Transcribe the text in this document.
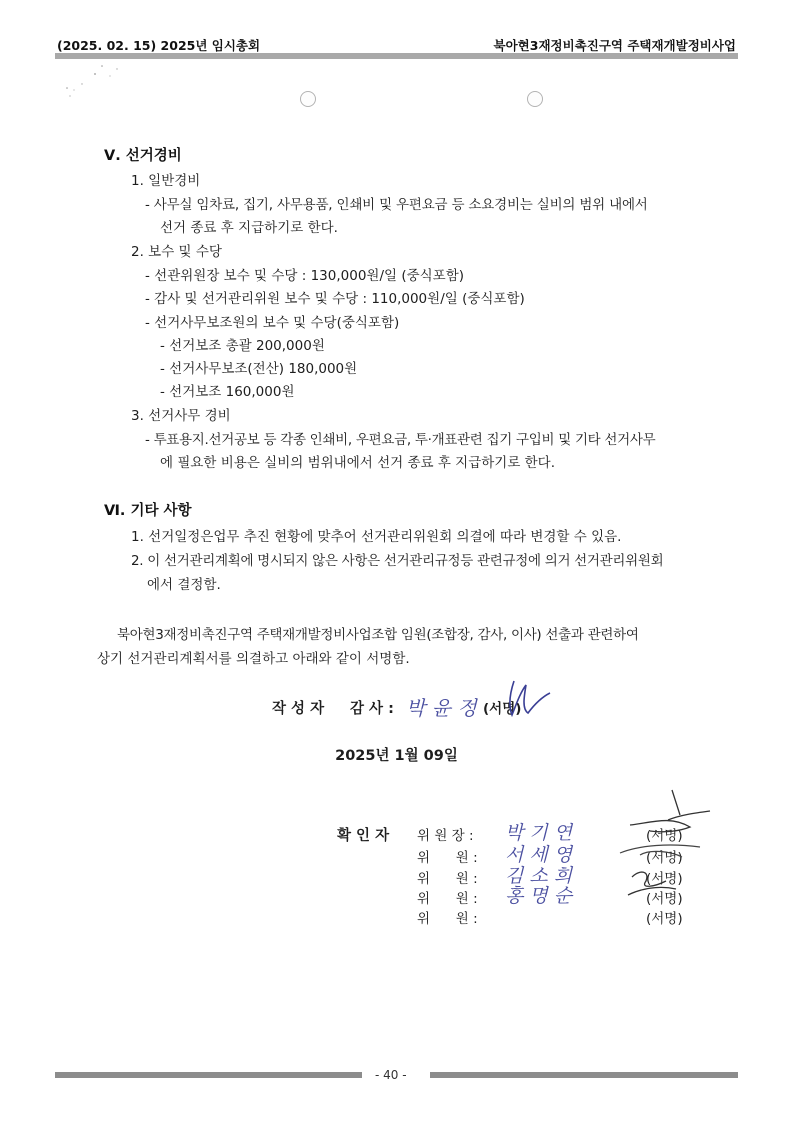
(2025. 02. 15) 2025년 임시총회	북아현3재정비촉진구역 주택재개발정비사업
Ⅴ. 선거경비
1. 일반경비
- 사무실 임차료, 집기, 사무용품, 인쇄비 및 우편요금 등 소요경비는 실비의 범위 내에서
선거 종료 후 지급하기로 한다.
2. 보수 및 수당
- 선관위원장 보수 및 수당 : 130,000원/일 (중식포함)
- 감사 및 선거관리위원 보수 및 수당 : 110,000원/일 (중식포함)
- 선거사무보조원의 보수 및 수당(중식포함)
- 선거보조 총괄 200,000원
- 선거사무보조(전산) 180,000원
- 선거보조 160,000원
3. 선거사무 경비
- 투표용지.선거공보 등 각종 인쇄비, 우편요금, 투·개표관련 집기 구입비 및 기타 선거사무
에 필요한 비용은 실비의 범위내에서 선거 종료 후 지급하기로 한다.
Ⅵ. 기타 사항
1. 선거일정은업무 추진 현황에 맞추어 선거관리위원회 의결에 따라 변경할 수 있음.
2. 이 선거관리계획에 명시되지 않은 사항은 선거관리규정등 관련규정에 의거 선거관리위원회
에서 결정함.
북아현3재정비촉진구역 주택재개발정비사업조합 임원(조합장, 감사, 이사) 선출과 관련하여
상기 선거관리계획서를 의결하고 아래와 같이 서명함.
작 성 자 감 사 : 박 윤 정 (서명)
2025년 1월 09일
확 인 자 위 원 장 : 박 기 연	(서명)
위      원 : 서 세 영	(서명)
위      원 : 김 소 희	(서명)
위      원 : 홍 명 순	(서명)
위      원 :	(서명)
- 40 -
